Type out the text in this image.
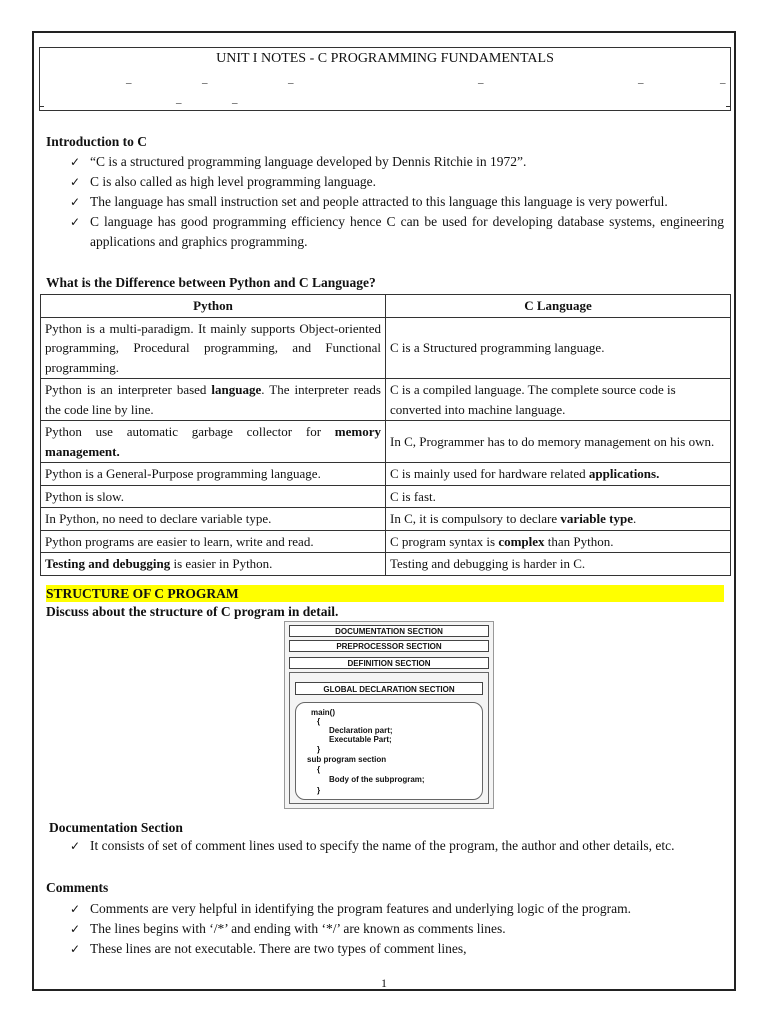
UNIT I NOTES - C PROGRAMMING FUNDAMENTALS
_	_	_	_	_	_
_	_
Introduction to C
✓ “C is a structured programming language developed by Dennis Ritchie in 1972”.
✓ C is also called as high level programming language.
✓ The language has small instruction set and people attracted to this language this language is very powerful.
✓ C language has good programming efficiency hence C can be used for developing database systems, engineering applications and graphics programming.
What is the Difference between Python and C Language?
Python	C Language
Python is a multi-paradigm. It mainly supports Object-oriented programming, Procedural programming, and Functional programming.	C is a Structured programming language.
Python is an interpreter based language. The interpreter reads the code line by line.	C is a compiled language. The complete source code is converted into machine language.
Python use automatic garbage collector for memory management.	In C, Programmer has to do memory management on his own.
Python is a General-Purpose programming language.	C is mainly used for hardware related applications.
Python is slow.	C is fast.
In Python, no need to declare variable type.	In C, it is compulsory to declare variable type.
Python programs are easier to learn, write and read.	C program syntax is complex than Python.
Testing and debugging is easier in Python.	Testing and debugging is harder in C.
STRUCTURE OF C PROGRAM
Discuss about the structure of C program in detail.
DOCUMENTATION SECTION
PREPROCESSOR SECTION
DEFINITION SECTION
GLOBAL DECLARATION SECTION
main()
{
Declaration part;
Executable Part;
}
sub program section
{
Body of the subprogram;
}
Documentation Section
✓ It consists of set of comment lines used to specify the name of the program, the author and other details, etc.
Comments
✓ Comments are very helpful in identifying the program features and underlying logic of the program.
✓ The lines begins with ‘/*’ and ending with ‘*/’ are known as comments lines.
✓ These lines are not executable. There are two types of comment lines,
1
